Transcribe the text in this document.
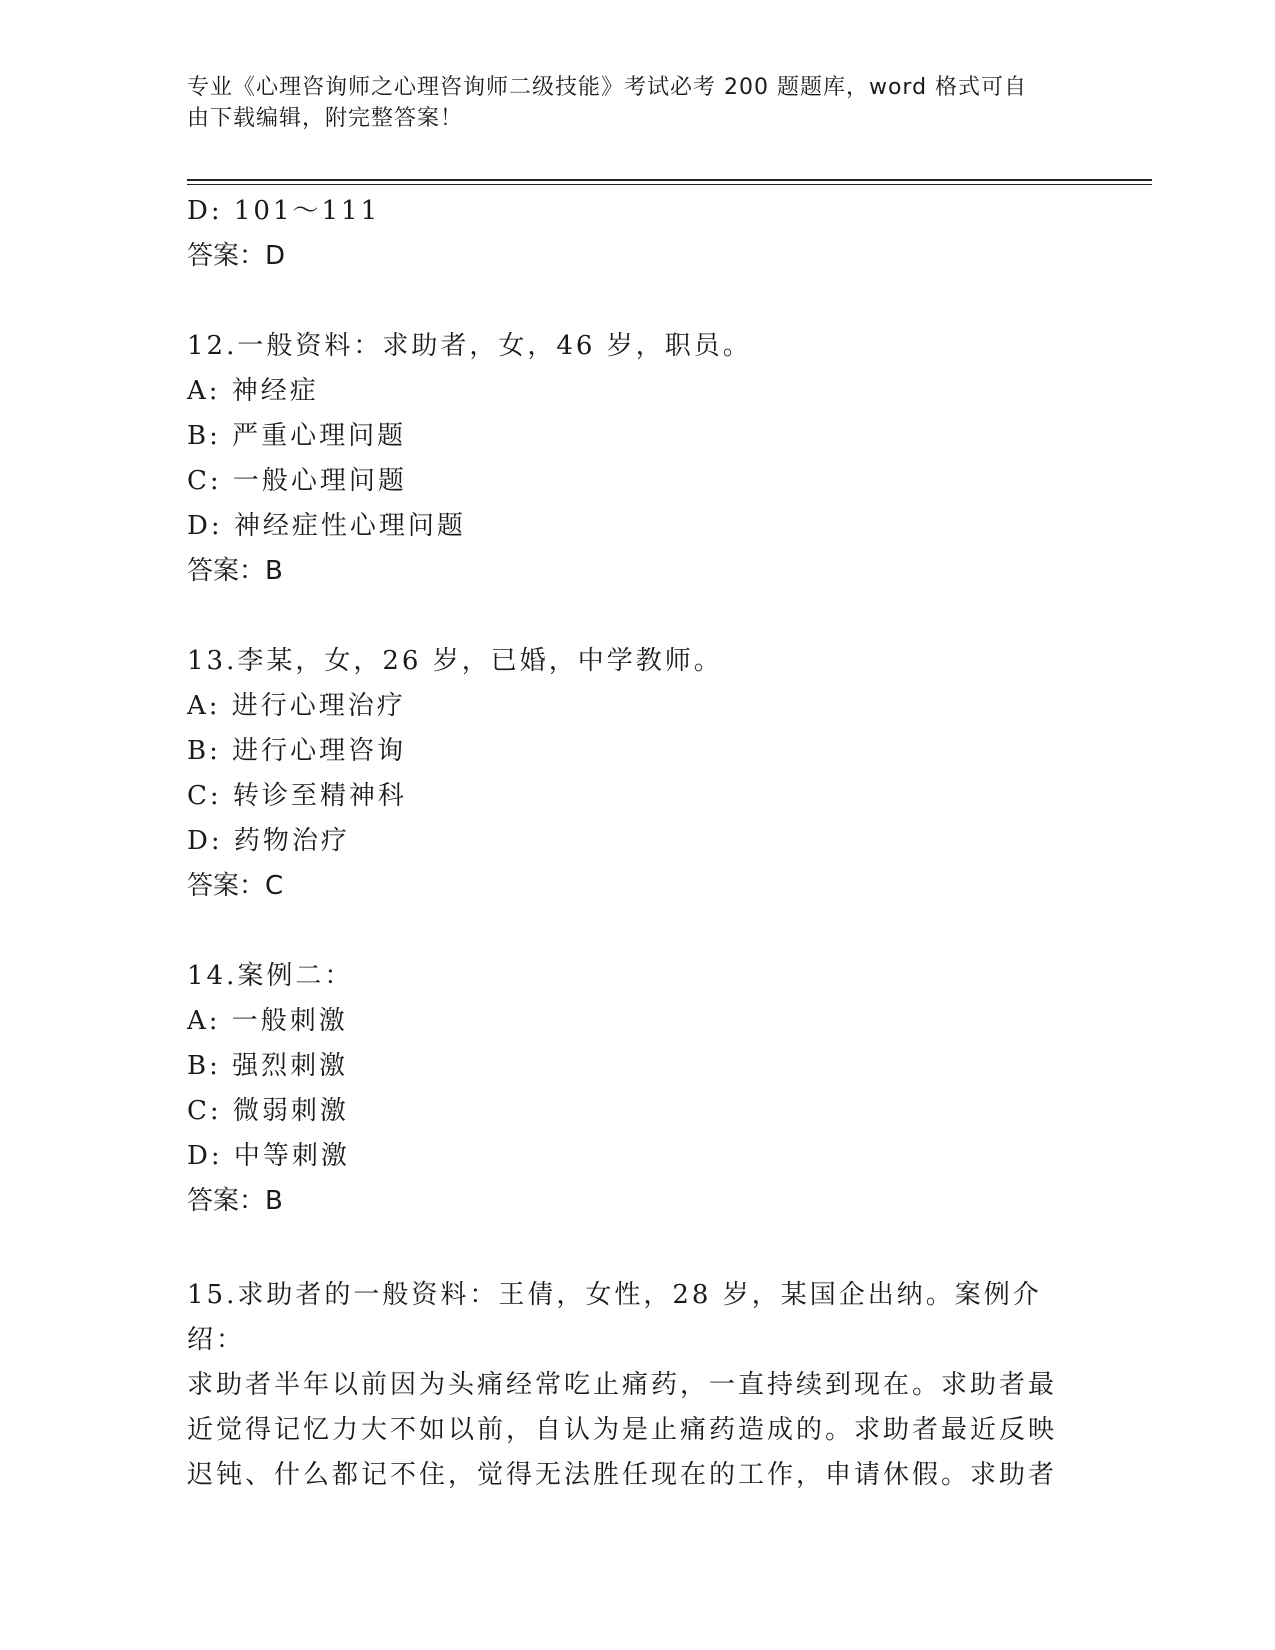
专业《心理咨询师之心理咨询师二级技能》考试必考 200 题题库，word 格式可自
由下载编辑，附完整答案！
D: 101～111
答案：D
12.一般资料：求助者，女，46 岁，职员。
A: 神经症
B: 严重心理问题
C: 一般心理问题
D: 神经症性心理问题
答案：B
13.李某，女，26 岁，已婚，中学教师。
A: 进行心理治疗
B: 进行心理咨询
C: 转诊至精神科
D: 药物治疗
答案：C
14.案例二：
A: 一般刺激
B: 强烈刺激
C: 微弱刺激
D: 中等刺激
答案：B
15.求助者的一般资料：王倩，女性，28 岁，某国企出纳。案例介绍：
求助者半年以前因为头痛经常吃止痛药，一直持续到现在。求助者最
近觉得记忆力大不如以前，自认为是止痛药造成的。求助者最近反映
迟钝、什么都记不住，觉得无法胜任现在的工作，申请休假。求助者
